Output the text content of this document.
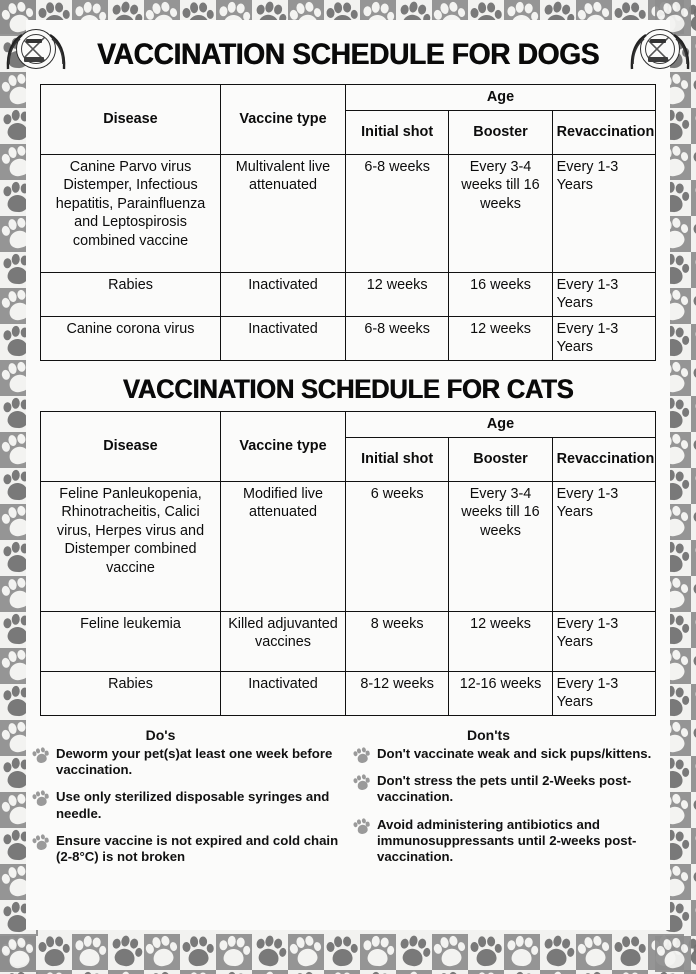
VACCINATION SCHEDULE FOR DOGS
Disease	Vaccine type	Age		
		Initial shot	Booster	Revaccination
Canine Parvo virus Distemper, Infectious hepatitis, Parainfluenza and Leptospirosis combined vaccine	Multivalent live attenuated	6-8 weeks	Every 3-4 weeks till 16 weeks	Every 1-3 Years
Rabies	Inactivated	12 weeks	16 weeks	Every 1-3 Years
Canine corona virus	Inactivated	6-8 weeks	12 weeks	Every 1-3 Years
VACCINATION SCHEDULE FOR CATS
Disease	Vaccine type	Age		
		Initial shot	Booster	Revaccination
Feline Panleukopenia, Rhinotracheitis, Calici virus, Herpes virus and Distemper combined vaccine	Modified live attenuated	6 weeks	Every 3-4 weeks till 16 weeks	Every 1-3 Years
Feline leukemia	Killed adjuvanted vaccines	8 weeks	12 weeks	Every 1-3 Years
Rabies	Inactivated	8-12 weeks	12-16 weeks	Every 1-3 Years
Do's
Deworm your pet(s)at least one week before vaccination.
Use only sterilized disposable syringes and needle.
Ensure vaccine is not expired and cold chain (2-8°C) is not broken
Don'ts
Don't vaccinate weak and sick pups/kittens.
Don't stress the pets until 2-Weeks post-vaccination.
Avoid administering antibiotics and immunosuppressants until 2-weeks post-vaccination.
